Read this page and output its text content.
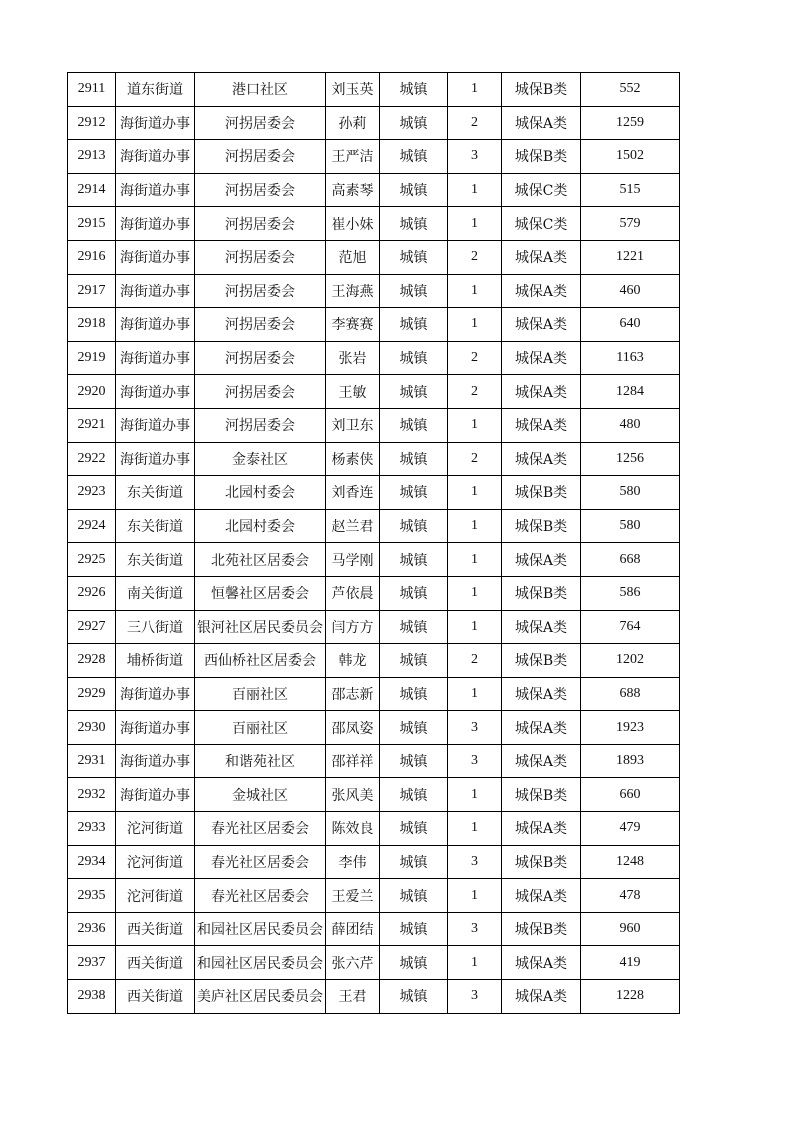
2911	道东街道	港口社区	刘玉英	城镇	1	城保B类	552
2912	海街道办事	河拐居委会	孙莉	城镇	2	城保A类	1259
2913	海街道办事	河拐居委会	王严洁	城镇	3	城保B类	1502
2914	海街道办事	河拐居委会	高素琴	城镇	1	城保C类	515
2915	海街道办事	河拐居委会	崔小妹	城镇	1	城保C类	579
2916	海街道办事	河拐居委会	范旭	城镇	2	城保A类	1221
2917	海街道办事	河拐居委会	王海燕	城镇	1	城保A类	460
2918	海街道办事	河拐居委会	李赛赛	城镇	1	城保A类	640
2919	海街道办事	河拐居委会	张岩	城镇	2	城保A类	1163
2920	海街道办事	河拐居委会	王敏	城镇	2	城保A类	1284
2921	海街道办事	河拐居委会	刘卫东	城镇	1	城保A类	480
2922	海街道办事	金泰社区	杨素侠	城镇	2	城保A类	1256
2923	东关街道	北园村委会	刘香连	城镇	1	城保B类	580
2924	东关街道	北园村委会	赵兰君	城镇	1	城保B类	580
2925	东关街道	北苑社区居委会	马学刚	城镇	1	城保A类	668
2926	南关街道	恒馨社区居委会	芦依晨	城镇	1	城保B类	586
2927	三八街道	银河社区居民委员会	闫方方	城镇	1	城保A类	764
2928	埔桥街道	西仙桥社区居委会	韩龙	城镇	2	城保B类	1202
2929	海街道办事	百丽社区	邵志新	城镇	1	城保A类	688
2930	海街道办事	百丽社区	邵凤姿	城镇	3	城保A类	1923
2931	海街道办事	和谐苑社区	邵祥祥	城镇	3	城保A类	1893
2932	海街道办事	金城社区	张风美	城镇	1	城保B类	660
2933	沱河街道	春光社区居委会	陈效良	城镇	1	城保A类	479
2934	沱河街道	春光社区居委会	李伟	城镇	3	城保B类	1248
2935	沱河街道	春光社区居委会	王爱兰	城镇	1	城保A类	478
2936	西关街道	和园社区居民委员会	薛团结	城镇	3	城保B类	960
2937	西关街道	和园社区居民委员会	张六芹	城镇	1	城保A类	419
2938	西关街道	美庐社区居民委员会	王君	城镇	3	城保A类	1228
